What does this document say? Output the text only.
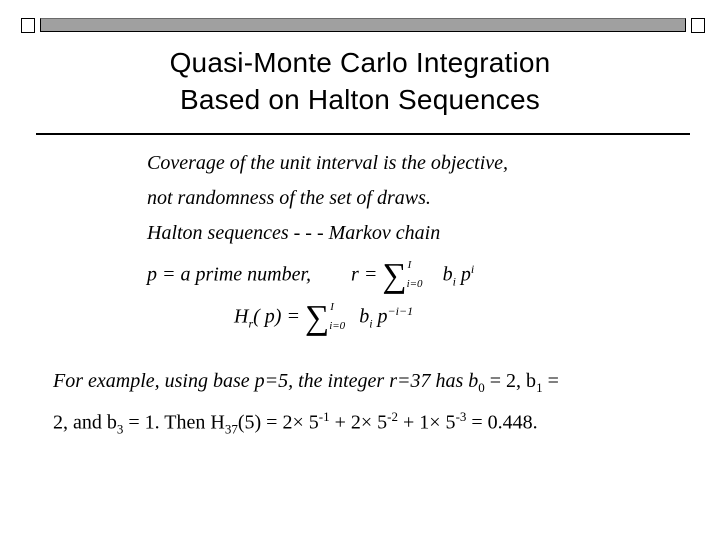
Quasi-Monte Carlo Integration
Based on Halton Sequences
Coverage of the unit interval is the objective,
not randomness of the set of draws.
Halton sequences - - - Markov chain
p = a prime number, r = ∑ I
i=0 $b_i$ $p^i$
$H_r$( p) = ∑ I
i=0 $b_i$ $p^{-i-1}$
For example, using base p=5, the integer r=37 has $b_0 = 2$, $b_1$ =
2, and $b_3 = 1$. Then $H_{37}(5) = 2\times 5^{-1} + 2\times 5^{-2} + 1\times 5^{-3} = 0.448$.
